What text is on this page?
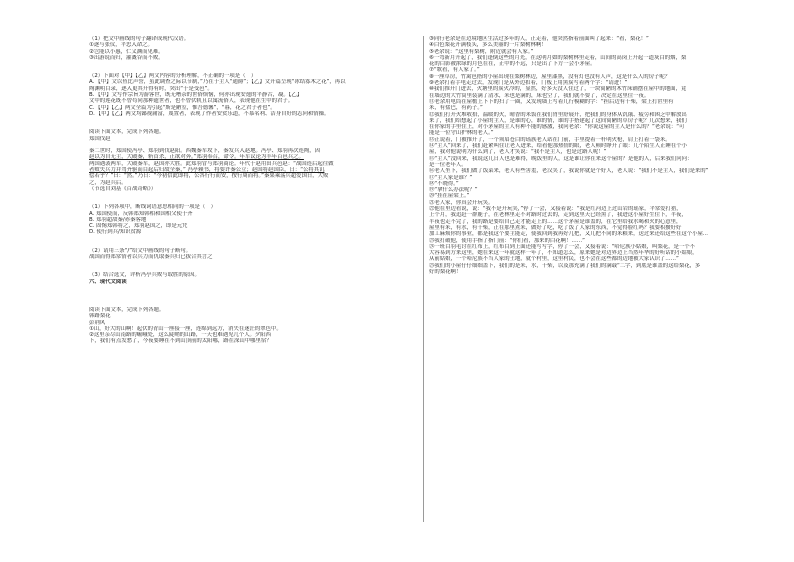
（1）把文中画线的句子翻译成现代汉语。
①逐与张仪，平忠入命之。
②岂能以小惠，仁义渊而见难。
③出游说而归，灌溉谷而不败。
（2）下面对【甲】【乙】两文内容的分析理解，不正确的一项是（　）
A．【甲】文以鱼比声誉，虽此调查之际以节制，”乃在于主人“通爵”；【乙】文开篇呈现“冰结寡木之花”，再以
陶渊明目录，逐入更其升得有时，突出“于是受邑”。
B．【甲】文写作宗旨为游客世，既无嘈杂的世俗烦恼，何亦出现安逸的平静古，凝。【乙】
文中的莲花既不曾苟同那种遗世者，也不曾伏轨且以寓流俗人，表现他在生中的君子。
C．【甲】【乙】两文全篇为引起“斯是陋室，惟吾德馨”，“暮，花之君子者也”。
D．【甲】【乙】两文均鄙视庸富，蔑置者，表现了作者安贫乐道，不慕名利、洁身自好的志向和情操。
阅读下面文本，完成下列各题。
郑国伐赵
秦二世时，郑国使冯亭、郑羽到伐赵阳。西魏秦军攻下，秦发兵入赵地。冯亭、郑羽再次连陶，因
赵以为自无主，大破秦，斩首杀，正欲对奔。”郑羽奉召，命令。年军议论为丰年百邑兵之。
两国遇袭两军，大破秦军，赵国亦大胜。此郑羽冒与郑羽商论。年代于赵用田兵邑赵：“战国连后起往做
者败失兵力并驾齐驱而目起后归故全秦，” 冯亭赖书，将要许秦公立；赵国将赵国臣，日：“公将其讥
偿若乎？”曰：“然。”乃日：“今初信此即将，公各行行而安，按行周而将。”秦果乘荡兵超爱国日，大败
之，为赵兵后。
（节选自刘基《百战奇略》）
（1）下列各项中，断线词语意思相同的一项是（　）
A. 郑国使而，反韩郑知韩相和国相父使于齐
B. 郑羽超敌秦/赤秦客地
C. 固惕郑韩将之，郑羽赵国之，即是元凭
D. 使行到兵/知识贫源
（2）请用三条“/”给文中画线的句子断句。
战国而得郑常情者以兵力而仇取秦兵归已拔合其言之
（3）结合选文，评析冯亭兵败与取胜的原因。
六、现代文阅读
阅读下面文本，完成下列各题。
韩路梨花
彭荆风
①山，好大的山啊！起伏的青山一座接一座，连绵到远方，消失在迷茫的翠色中。
②这里亲尽山南路的崛峨处，这么陡峭的山路，一天也难遇见几个人。夕阳西
下，我们有点发愁了，今夜要睡在不到山顶前的太阳哪，路在深山中哪里宿？
③同行老余是在边境地区生活过多年的人，正走着，他突然指着前面叫了起来：“看，梨花！”
④白色梨花开满枝头，多么美丽的一片梨树林啊！
⑤老余说：“这里有梨树，附近就会有人家。”
⑥一弯新月升起了，我们逢倒这些的月光，在这明月如的梨树林里走着，山间的高岗上升起一道灰白的烟，梨
花的白影被浓绿的月色在在，正中的不远，只是出了下方一会小茅屋。
⑦“歌看，有人家了。”
⑧一座草房，竹篱笆搭的小屋出现在梨树林边，屋里漆黑，没有灯也没有人声，这是什么人的房子呢？
⑨老余打着手电走过去，发现门是从外边扣着，门板上用黑炭写着两个字：“请进！”
⑩我们推开门进去，火塘里的炭火冷的，显然，好多天没人住过了，一块简陋的木竹床铺摆在屋中的地面，竟
在墙边的大竹筒里装满了清水，米也是满的，床也空了，我们就不要了，决定在这里住一夜。
⑪老余用电筒在屋檐上下下的扫了一圈，又发现墙上写着几行模糊的字：“担后边有干柴，梁上打笸里有
米，有盐巴，有药子。”
⑫我们打开火堆收拾，温暖的火，晴香的米饭在我们胃里舒展开，把我们的身体从饥饿、疲劳和困乏中解放出
来了，我们给想起了小屋的主人，是谁的心，谁的情，谁的手搭建起了这间简陋的草房子呢？几次想来，我们
在你家的手里住上，对小茅屋的主人有种不能的感激，我问老余：“你说这屋的主人是什么的？”老余说：“可
能是一位守山护林的老人。”
⑬正说着，门被推开了，一个须眉苍白的瑶族老人站在门前，手里提着一杆明火枪，肩上打着一袋米。
⑭“主人”回来了，我们赶紧叫住让老人进来，给看他那热情的眼，老人顿时睁开了眼：几个陌生人正睡在个小
屋，我对他说明为什么到了，老人才笑说：“我不是主人，也是过路人呢！”
⑮“主人”没回来，我说这几日人也是难得，晚饭里的人，这是谁让你在来这个屋的？是他的人，后来我们问问：
是一位老年人。
⑯老人坐下，我们做了饭菜来，老人有些害羞，老汉笑了，我说你就是个好人，老人说：“我们不是主人，我们是来的”
⑰“主人家是谁？”
⑱“不晓得。”
⑲“拿什么办法呢？”
⑳“挂在屋梁上。”
㉑老人家，你真会开玩笑。
㉒他在里边看说，说：“我不是开玩笑，”停了一会，又接着说：“我是红河边上过山岩的瑶家，平常爱打猎，
上个月，我追赶一群鹿子，在老林里走不对路时过去的，走到这里天已经黑了，我进这小屋好生住下，半夜，
半夜也走不完了，我的路是要给自己走才能走上的……这个茅屋是谁盖的，在它里给我水喝和火的心意里，
屋里有米，有水，有干柴，正在那里煮米，做好了吃，吃了饭了人家的东西，不觉得脸红吗？我要积攒好好
加工麻烦你的事业，都是我这个要主能走，使我回到我再好几把，又几把不同的米粮来，送过来还给这些在这个小屋...
㉓我打破他，使用手指了指门前：“你们看，那来的白花啊！……”
㉔一班白羽毛讨在红布上，红布目到上面还能写写字，停了一会，又接着说：“哈尼族小姑娘，叫梨花，是一个不
大容易到方来这里，她在来这一年就这样一年了，不知道怎么，原来她是对边界边上当然年华的好听话的小姑娘，
从前姑娘，一个哈尼族不当人家的土地，就个村里，这里村民，也不会在这些都的边地被大家认识了……”
㉕我们的小屋仔仔细细盖下，我们的是米，水，干柴，以及那充满了我们的满载“二字，到底是谁盖的这给梨花，多
好的梨花啊！
